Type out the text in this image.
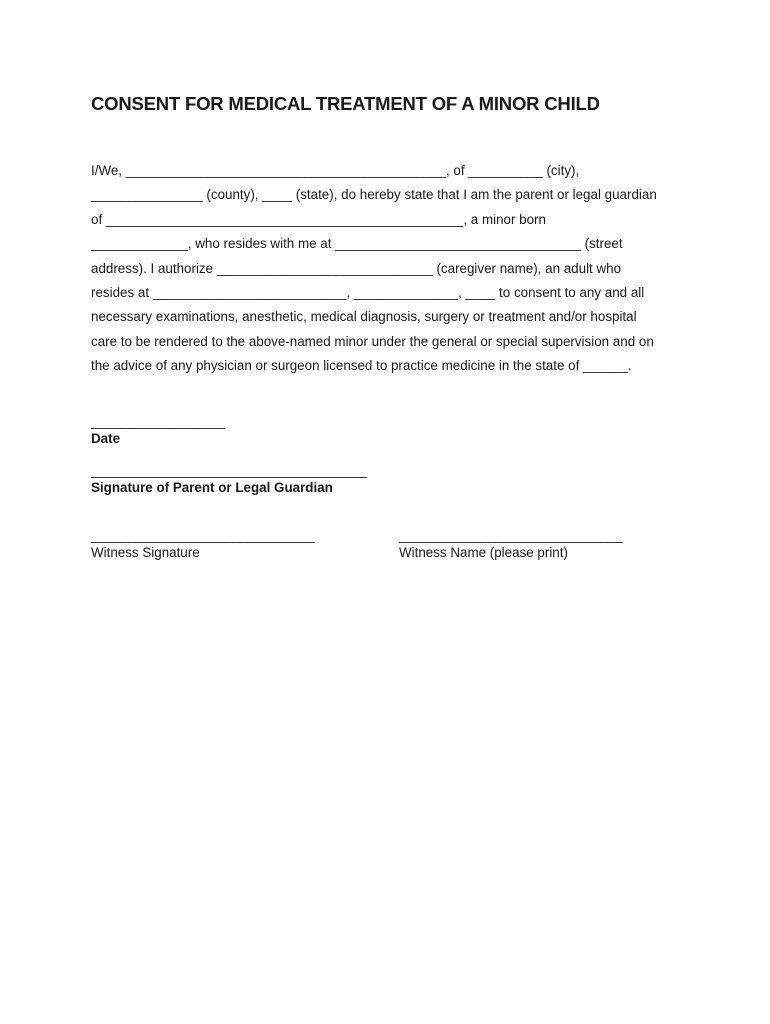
CONSENT FOR MEDICAL TREATMENT OF A MINOR CHILD
I/We, ___________________________________________, of __________ (city),
_______________ (county), ____ (state), do hereby state that I am the parent or legal guardian
of ________________________________________________, a minor born
_____________, who resides with me at _________________________________ (street
address). I authorize _____________________________ (caregiver name), an adult who
resides at __________________________, ______________, ____ to consent to any and all
necessary examinations, anesthetic, medical diagnosis, surgery or treatment and/or hospital
care to be rendered to the above-named minor under the general or special supervision and on
the advice of any physician or surgeon licensed to practice medicine in the state of ______.
__________________
Date
_____________________________________
Signature of Parent or Legal Guardian
______________________________
Witness Signature
______________________________
Witness Name (please print)
